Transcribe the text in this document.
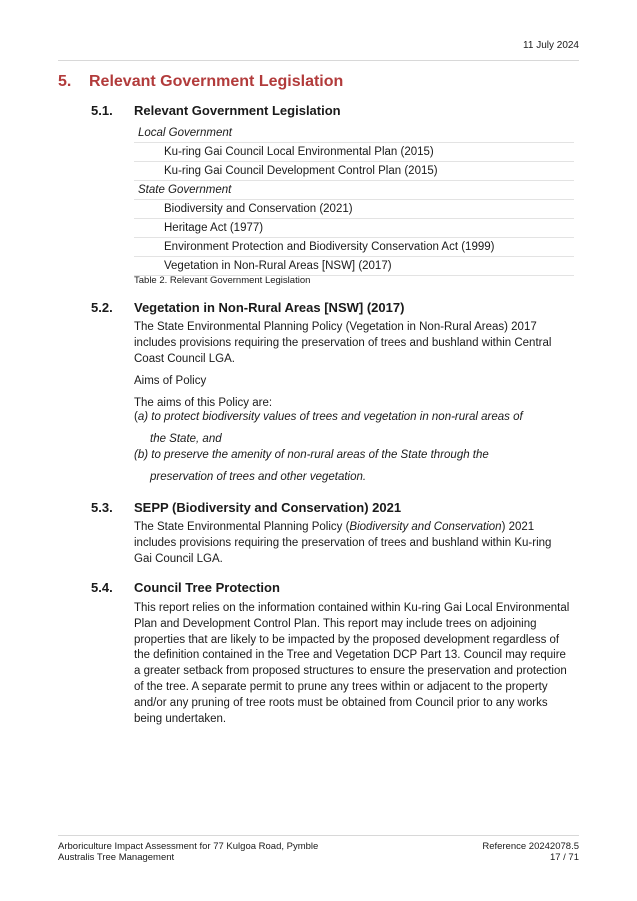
11 July 2024
5. Relevant Government Legislation
5.1. Relevant Government Legislation
Local Government
Ku-ring Gai Council Local Environmental Plan (2015)
Ku-ring Gai Council Development Control Plan (2015)
State Government
Biodiversity and Conservation (2021)
Heritage Act (1977)
Environment Protection and Biodiversity Conservation Act (1999)
Vegetation in Non-Rural Areas [NSW] (2017)
Table 2. Relevant Government Legislation
5.2. Vegetation in Non-Rural Areas [NSW] (2017)
The State Environmental Planning Policy (Vegetation in Non-Rural Areas) 2017
includes provisions requiring the preservation of trees and bushland within Central
Coast Council LGA.
Aims of Policy
The aims of this Policy are:
(a) to protect biodiversity values of trees and vegetation in non-rural areas of
the State, and
(b) to preserve the amenity of non-rural areas of the State through the
preservation of trees and other vegetation.
5.3. SEPP (Biodiversity and Conservation) 2021
The State Environmental Planning Policy (Biodiversity and Conservation) 2021
includes provisions requiring the preservation of trees and bushland within Ku-ring
Gai Council LGA.
5.4. Council Tree Protection
This report relies on the information contained within Ku-ring Gai Local Environmental
Plan and Development Control Plan. This report may include trees on adjoining
properties that are likely to be impacted by the proposed development regardless of
the definition contained in the Tree and Vegetation DCP Part 13. Council may require
a greater setback from proposed structures to ensure the preservation and protection
of the tree. A separate permit to prune any trees within or adjacent to the property
and/or any pruning of tree roots must be obtained from Council prior to any works
being undertaken.
Arboriculture Impact Assessment for 77 Kulgoa Road, Pymble
Australis Tree Management
Reference 20242078.5
17 / 71
